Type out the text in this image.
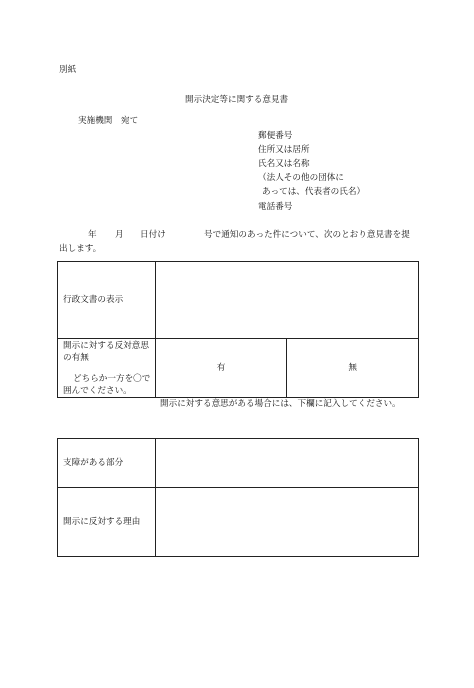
別紙
開示決定等に関する意見書
実施機関　宛て
郵便番号
住所又は居所
氏名又は名称
（法人その他の団体に
あっては、代表者の氏名）
電話番号
年 月 日付け	号で通知のあった件について、次のとおり意見書を提
出します。
行政文書の表示		

開示に対する反対意思
の有無
どちらか一方を〇で
囲んでください。	有	無
開示に対する意思がある場合には、下欄に記入してください。
支障がある部分	
開示に反対する理由	
